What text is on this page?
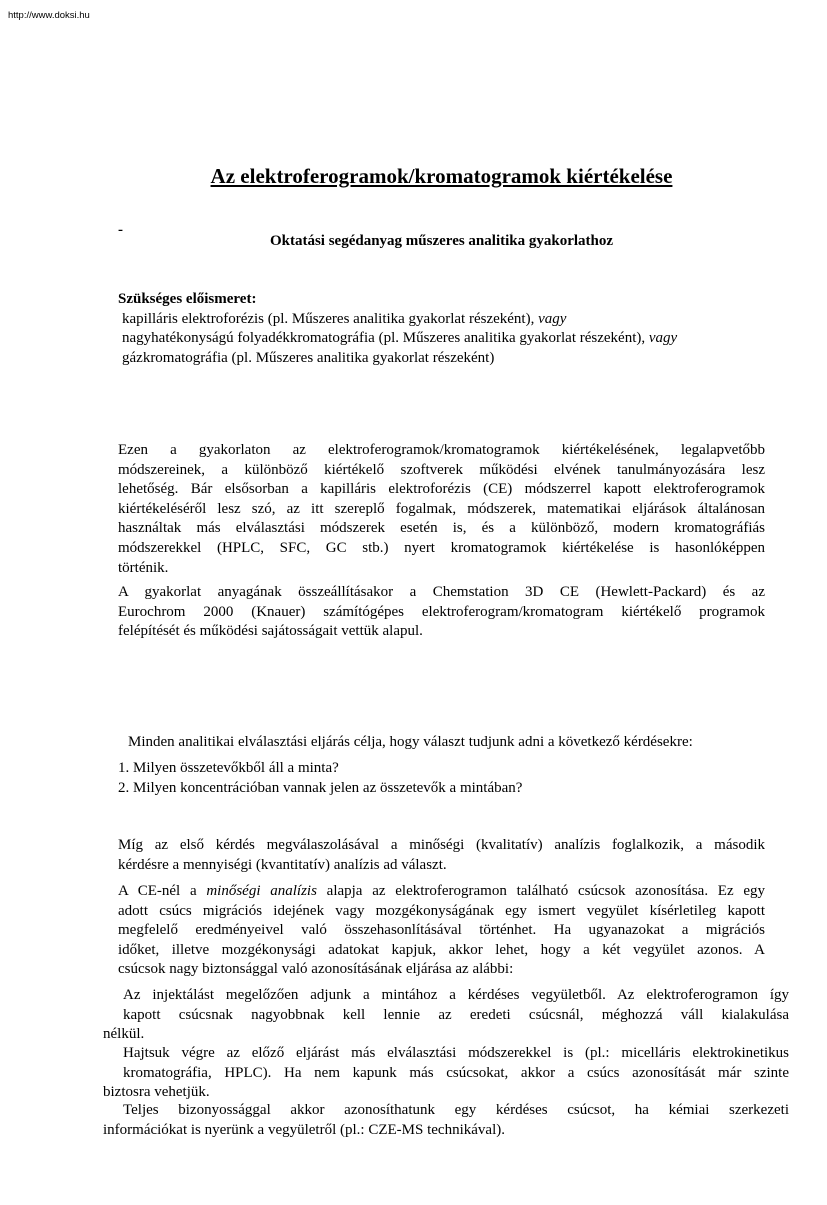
http://www.doksi.hu
Az elektroferogramok/kromatogramok kiértékelése
-
Oktatási segédanyag műszeres analitika gyakorlathoz
Szükséges előismeret:
kapilláris elektroforézis (pl. Műszeres analitika gyakorlat részeként), vagy
nagyhatékonyságú folyadékkromatográfia (pl. Műszeres analitika gyakorlat részeként), vagy
gázkromatográfia (pl. Műszeres analitika gyakorlat részeként)
Ezen a gyakorlaton az elektroferogramok/kromatogramok kiértékelésének, legalapvetőbb
módszereinek, a különböző kiértékelő szoftverek működési elvének tanulmányozására lesz
lehetőség. Bár elsősorban a kapilláris elektroforézis (CE) módszerrel kapott elektroferogramok
kiértékeléséről lesz szó, az itt szereplő fogalmak, módszerek, matematikai eljárások általánosan
használtak más elválasztási módszerek esetén is, és a különböző, modern kromatográfiás
módszerekkel (HPLC, SFC, GC stb.) nyert kromatogramok kiértékelése is hasonlóképpen
történik.
A gyakorlat anyagának összeállításakor a Chemstation 3D CE (Hewlett-Packard) és az
Eurochrom 2000 (Knauer) számítógépes elektroferogram/kromatogram kiértékelő programok
felépítését és működési sajátosságait vettük alapul.
Minden analitikai elválasztási eljárás célja, hogy választ tudjunk adni a következő kérdésekre:
1. Milyen összetevőkből áll a minta?
2. Milyen koncentrációban vannak jelen az összetevők a mintában?
Míg az első kérdés megválaszolásával a minőségi (kvalitatív) analízis foglalkozik, a második
kérdésre a mennyiségi (kvantitatív) analízis ad választ.
A CE-nél a minőségi analízis alapja az elektroferogramon található csúcsok azonosítása. Ez egy
adott csúcs migrációs idejének vagy mozgékonyságának egy ismert vegyület kísérletileg kapott
megfelelő eredményeivel való összehasonlításával történhet. Ha ugyanazokat a migrációs
időket, illetve mozgékonysági adatokat kapjuk, akkor lehet, hogy a két vegyület azonos. A
csúcsok nagy biztonsággal való azonosításának eljárása az alábbi:
Az injektálást megelőzően adjunk a mintához a kérdéses vegyületből. Az elektroferogramon így
kapott csúcsnak nagyobbnak kell lennie az eredeti csúcsnál, méghozzá váll kialakulása
nélkül.
Hajtsuk végre az előző eljárást más elválasztási módszerekkel is (pl.: micelláris elektrokinetikus
kromatográfia, HPLC). Ha nem kapunk más csúcsokat, akkor a csúcs azonosítását már szinte
biztosra vehetjük.
Teljes bizonyossággal akkor azonosíthatunk egy kérdéses csúcsot, ha kémiai szerkezeti
információkat is nyerünk a vegyületről (pl.: CZE-MS technikával).
